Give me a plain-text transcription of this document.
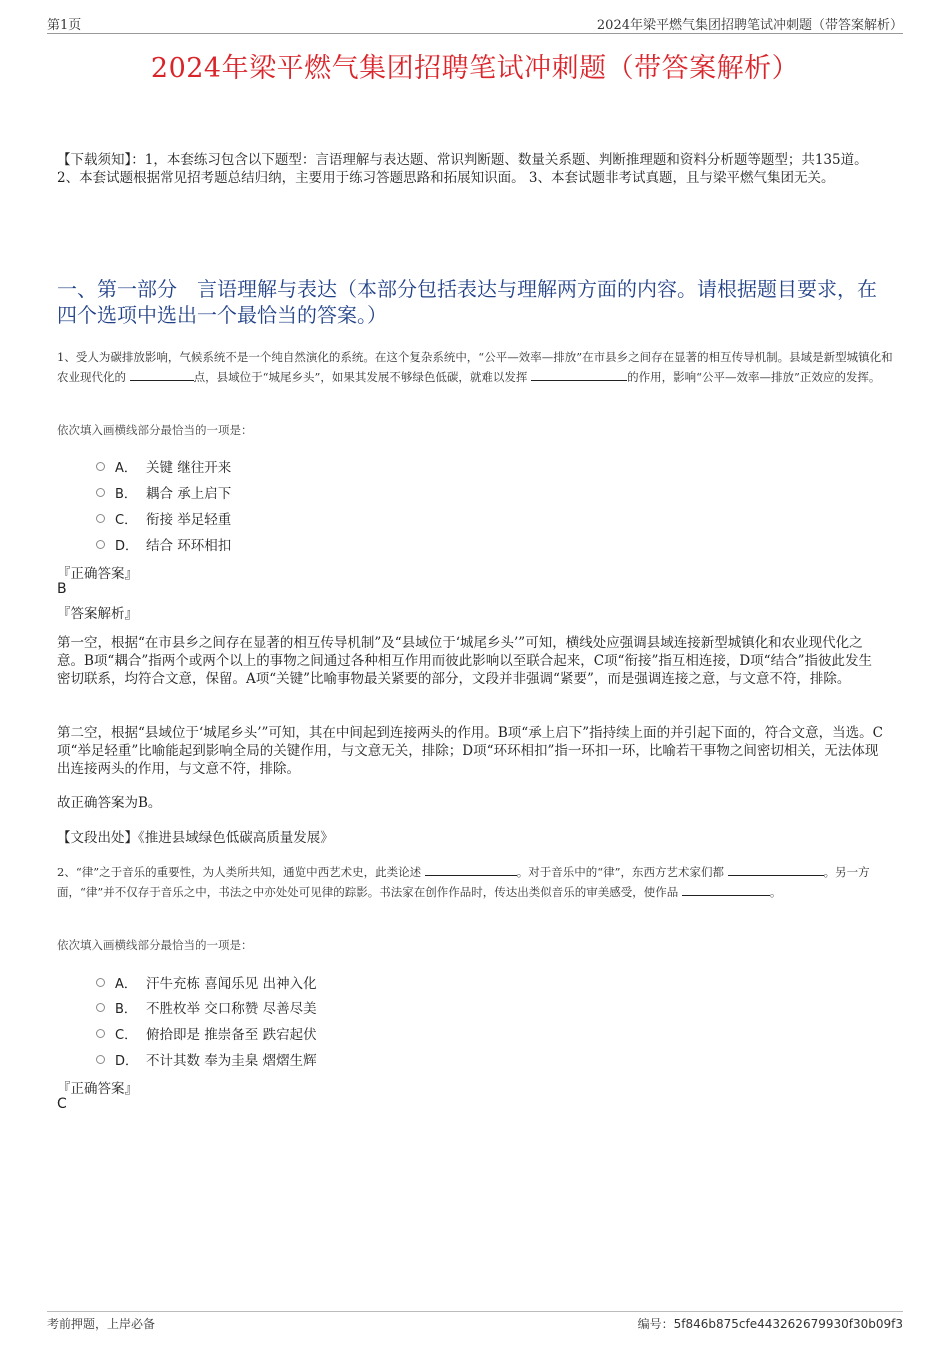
第1页	2024年梁平燃气集团招聘笔试冲刺题（带答案解析）
2024年梁平燃气集团招聘笔试冲刺题（带答案解析）
【下载须知】：1，本套练习包含以下题型：言语理解与表达题、常识判断题、数量关系题、判断推理题和资料分析题等题型；共135道。 2、本套试题根据常见招考题总结归纳，主要用于练习答题思路和拓展知识面。 3、本套试题非考试真题，且与梁平燃气集团无关。
一、第一部分　言语理解与表达（本部分包括表达与理解两方面的内容。请根据题目要求，在四个选项中选出一个最恰当的答案。）
1、受人为碳排放影响，气候系统不是一个纯自然演化的系统。在这个复杂系统中，“公平—效率—排放”在市县乡之间存在显著的相互传导机制。县域是新型城镇化和农业现代化的	点，县域位于“城尾乡头”，如果其发展不够绿色低碳，就难以发挥	的作用，影响“公平—效率—排放”正效应的发挥。
依次填入画横线部分最恰当的一项是：
A． 关键 继往开来
B． 耦合 承上启下
C． 衔接 举足轻重
D． 结合 环环相扣
『正确答案』
B
『答案解析』
第一空，根据“在市县乡之间存在显著的相互传导机制”及“县域位于‘城尾乡头’”可知，横线处应强调县域连接新型城镇化和农业现代化之意。B项“耦合”指两个或两个以上的事物之间通过各种相互作用而彼此影响以至联合起来，C项“衔接”指互相连接，D项“结合”指彼此发生密切联系，均符合文意，保留。A项“关键”比喻事物最关紧要的部分，文段并非强调“紧要”，而是强调连接之意，与文意不符，排除。
第二空，根据“县域位于‘城尾乡头’”可知，其在中间起到连接两头的作用。B项“承上启下”指持续上面的并引起下面的，符合文意，当选。C项“举足轻重”比喻能起到影响全局的关键作用，与文意无关，排除；D项“环环相扣”指一环扣一环，比喻若干事物之间密切相关，无法体现出连接两头的作用，与文意不符，排除。
故正确答案为B。
【文段出处】《推进县域绿色低碳高质量发展》
2、“律”之于音乐的重要性，为人类所共知，通览中西艺术史，此类论述	。对于音乐中的“律”，东西方艺术家们都	。另一方面，“律”并不仅存于音乐之中，书法之中亦处处可见律的踪影。书法家在创作作品时，传达出类似音乐的审美感受，使作品	。
依次填入画横线部分最恰当的一项是：
A． 汗牛充栋 喜闻乐见 出神入化
B． 不胜枚举 交口称赞 尽善尽美
C． 俯拾即是 推崇备至 跌宕起伏
D． 不计其数 奉为圭臬 熠熠生辉
『正确答案』
C
考前押题，上岸必备	编号：5f846b875cfe443262679930f30b09f3
